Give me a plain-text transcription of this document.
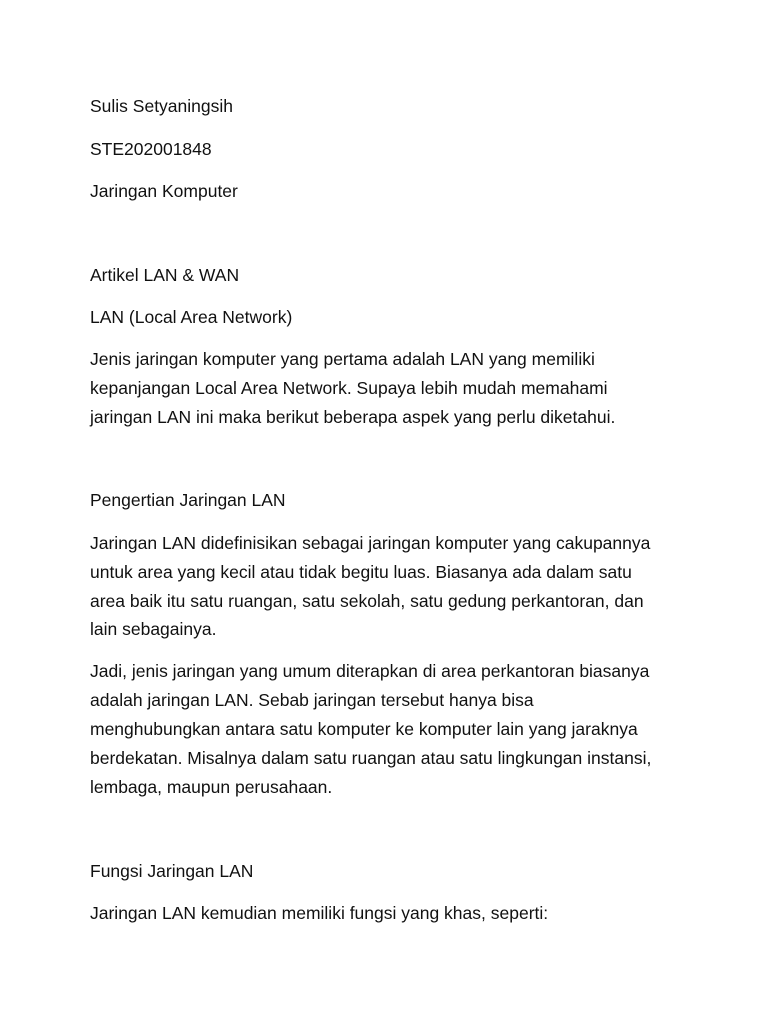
Sulis Setyaningsih

STE202001848

Jaringan Komputer

Artikel LAN & WAN

LAN (Local Area Network)

Jenis jaringan komputer yang pertama adalah LAN yang memiliki

kepanjangan Local Area Network. Supaya lebih mudah memahami

jaringan LAN ini maka berikut beberapa aspek yang perlu diketahui.

Pengertian Jaringan LAN

Jaringan LAN didefinisikan sebagai jaringan komputer yang cakupannya

untuk area yang kecil atau tidak begitu luas. Biasanya ada dalam satu

area baik itu satu ruangan, satu sekolah, satu gedung perkantoran, dan

lain sebagainya.

Jadi, jenis jaringan yang umum diterapkan di area perkantoran biasanya

adalah jaringan LAN. Sebab jaringan tersebut hanya bisa

menghubungkan antara satu komputer ke komputer lain yang jaraknya

berdekatan. Misalnya dalam satu ruangan atau satu lingkungan instansi,

lembaga, maupun perusahaan.

Fungsi Jaringan LAN

Jaringan LAN kemudian memiliki fungsi yang khas, seperti:
